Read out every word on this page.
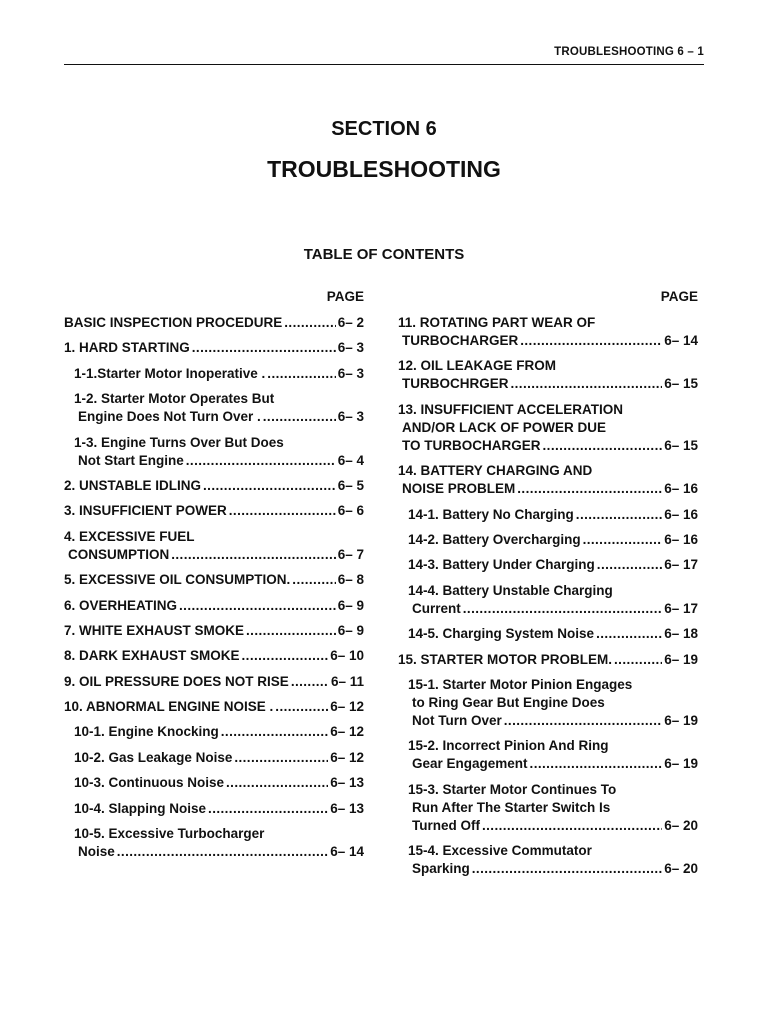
TROUBLESHOOTING 6 – 1
SECTION 6
TROUBLESHOOTING
TABLE OF CONTENTS
PAGE
BASIC INSPECTION PROCEDURE .....	6– 2
1. HARD STARTING .....	6– 3
1-1.Starter Motor Inoperative . .....	6– 3
1-2. Starter Motor Operates But
Engine Does Not Turn Over . .....	6– 3
1-3. Engine Turns Over But Does
Not Start Engine .....	6– 4
2. UNSTABLE IDLING .....	6– 5
3. INSUFFICIENT POWER .....	6– 6
4. EXCESSIVE FUEL
CONSUMPTION .....	6– 7
5. EXCESSIVE OIL CONSUMPTION. .....	6– 8
6. OVERHEATING .....	6– 9
7. WHITE EXHAUST SMOKE .....	6– 9
8. DARK EXHAUST SMOKE .....	6– 10
9. OIL PRESSURE DOES NOT RISE .....	6– 11
10. ABNORMAL ENGINE NOISE . .....	6– 12
10-1. Engine Knocking .....	6– 12
10-2. Gas Leakage Noise .....	6– 12
10-3. Continuous Noise .....	6– 13
10-4. Slapping Noise .....	6– 13
10-5. Excessive Turbocharger
Noise .....	6– 14
PAGE
11. ROTATING PART WEAR OF
TURBOCHARGER .....	6– 14
12. OIL LEAKAGE FROM
TURBOCHRGER .....	6– 15
13. INSUFFICIENT ACCELERATION
AND/OR LACK OF POWER DUE
TO TURBOCHARGER .....	6– 15
14. BATTERY CHARGING AND
NOISE PROBLEM .....	6– 16
14-1. Battery No Charging .....	6– 16
14-2. Battery Overcharging .....	6– 16
14-3. Battery Under Charging .....	6– 17
14-4. Battery Unstable Charging
Current .....	6– 17
14-5. Charging System Noise .....	6– 18
15. STARTER MOTOR PROBLEM. .....	6– 19
15-1. Starter Motor Pinion Engages
to Ring Gear But Engine Does
Not Turn Over .....	6– 19
15-2. Incorrect Pinion And Ring
Gear Engagement .....	6– 19
15-3. Starter Motor Continues To
Run After The Starter Switch Is
Turned Off .....	6– 20
15-4. Excessive Commutator
Sparking .....	6– 20
